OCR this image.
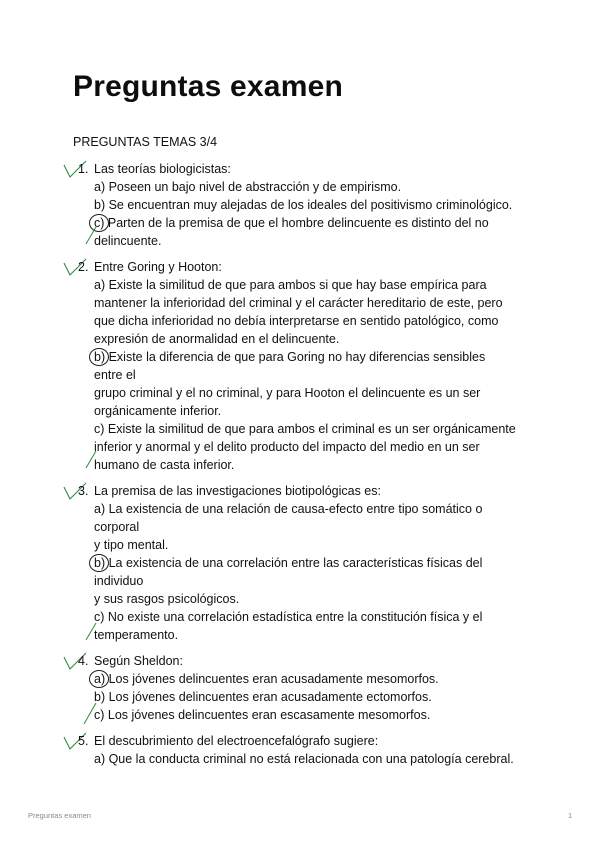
Preguntas examen
PREGUNTAS TEMAS 3/4
1. Las teorías biologicistas:
a) Poseen un bajo nivel de abstracción y de empirismo.
b) Se encuentran muy alejadas de los ideales del positivismo criminológico.
c) Parten de la premisa de que el hombre delincuente es distinto del no
delincuente.
2. Entre Goring y Hooton:
a) Existe la similitud de que para ambos si que hay base empírica para
mantener la inferioridad del criminal y el carácter hereditario de este, pero
que dicha inferioridad no debía interpretarse en sentido patológico, como
expresión de anormalidad en el delincuente.
b) Existe la diferencia de que para Goring no hay diferencias sensibles
entre el
grupo criminal y el no criminal, y para Hooton el delincuente es un ser
orgánicamente inferior.
c) Existe la similitud de que para ambos el criminal es un ser orgánicamente
inferior y anormal y el delito producto del impacto del medio en un ser
humano de casta inferior.
3. La premisa de las investigaciones biotipológicas es:
a) La existencia de una relación de causa-efecto entre tipo somático o
corporal
y tipo mental.
b) La existencia de una correlación entre las características físicas del
individuo
y sus rasgos psicológicos.
c) No existe una correlación estadística entre la constitución física y el
temperamento.
4. Según Sheldon:
a) Los jóvenes delincuentes eran acusadamente mesomorfos.
b) Los jóvenes delincuentes eran acusadamente ectomorfos.
c) Los jóvenes delincuentes eran escasamente mesomorfos.
5. El descubrimiento del electroencefalógrafo sugiere:
a) Que la conducta criminal no está relacionada con una patología cerebral.
Preguntas examen	1
